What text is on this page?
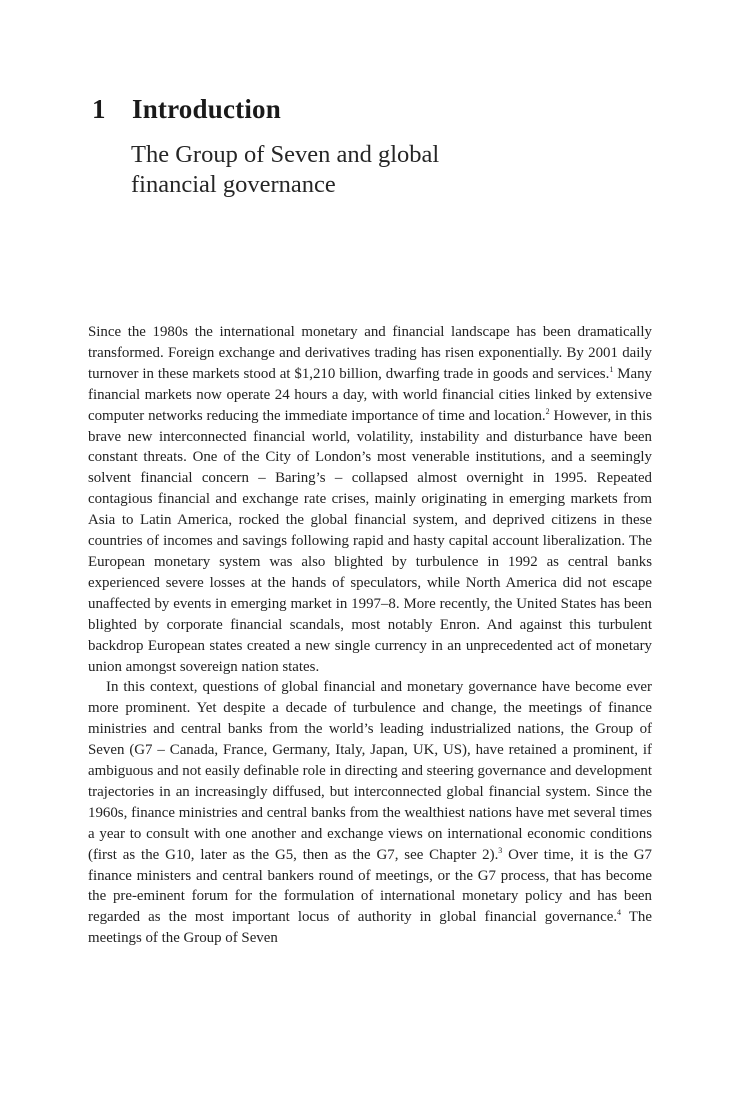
1 Introduction
The Group of Seven and global
financial governance

Since the 1980s the international monetary and financial landscape has been dramatically transformed. Foreign exchange and derivatives trading has risen exponentially. By 2001 daily turnover in these markets stood at $1,210 billion, dwarfing trade in goods and services.$^1$ Many financial markets now operate 24 hours a day, with world financial cities linked by extensive computer networks reducing the immediate importance of time and location.$^2$ However, in this brave new interconnected financial world, volatility, instability and disturbance have been constant threats. One of the City of London’s most venerable institutions, and a seemingly solvent financial concern – Baring’s – collapsed almost overnight in 1995. Repeated contagious financial and exchange rate crises, mainly originating in emerging markets from Asia to Latin America, rocked the global financial system, and deprived citizens in these countries of incomes and savings following rapid and hasty capital account liberalization. The European monetary system was also blighted by turbulence in 1992 as central banks experienced severe losses at the hands of speculators, while North America did not escape unaffected by events in emerging market in 1997–8. More recently, the United States has been blighted by corporate financial scandals, most notably Enron. And against this turbulent backdrop European states created a new single currency in an unprecedented act of monetary union amongst sovereign nation states.

In this context, questions of global financial and monetary governance have become ever more prominent. Yet despite a decade of turbulence and change, the meetings of finance ministries and central banks from the world’s leading industrialized nations, the Group of Seven (G7 – Canada, France, Germany, Italy, Japan, UK, US), have retained a prominent, if ambiguous and not easily definable role in directing and steering governance and development trajectories in an increasingly diffused, but interconnected global financial system. Since the 1960s, finance ministries and central banks from the wealthiest nations have met several times a year to consult with one another and exchange views on international economic conditions (first as the G10, later as the G5, then as the G7, see Chapter 2).$^3$ Over time, it is the G7 finance ministers and central bankers round of meetings, or the G7 process, that has become the pre-eminent forum for the formulation of international monetary policy and has been regarded as the most important locus of authority in global financial governance.$^4$ The meetings of the Group of Seven
